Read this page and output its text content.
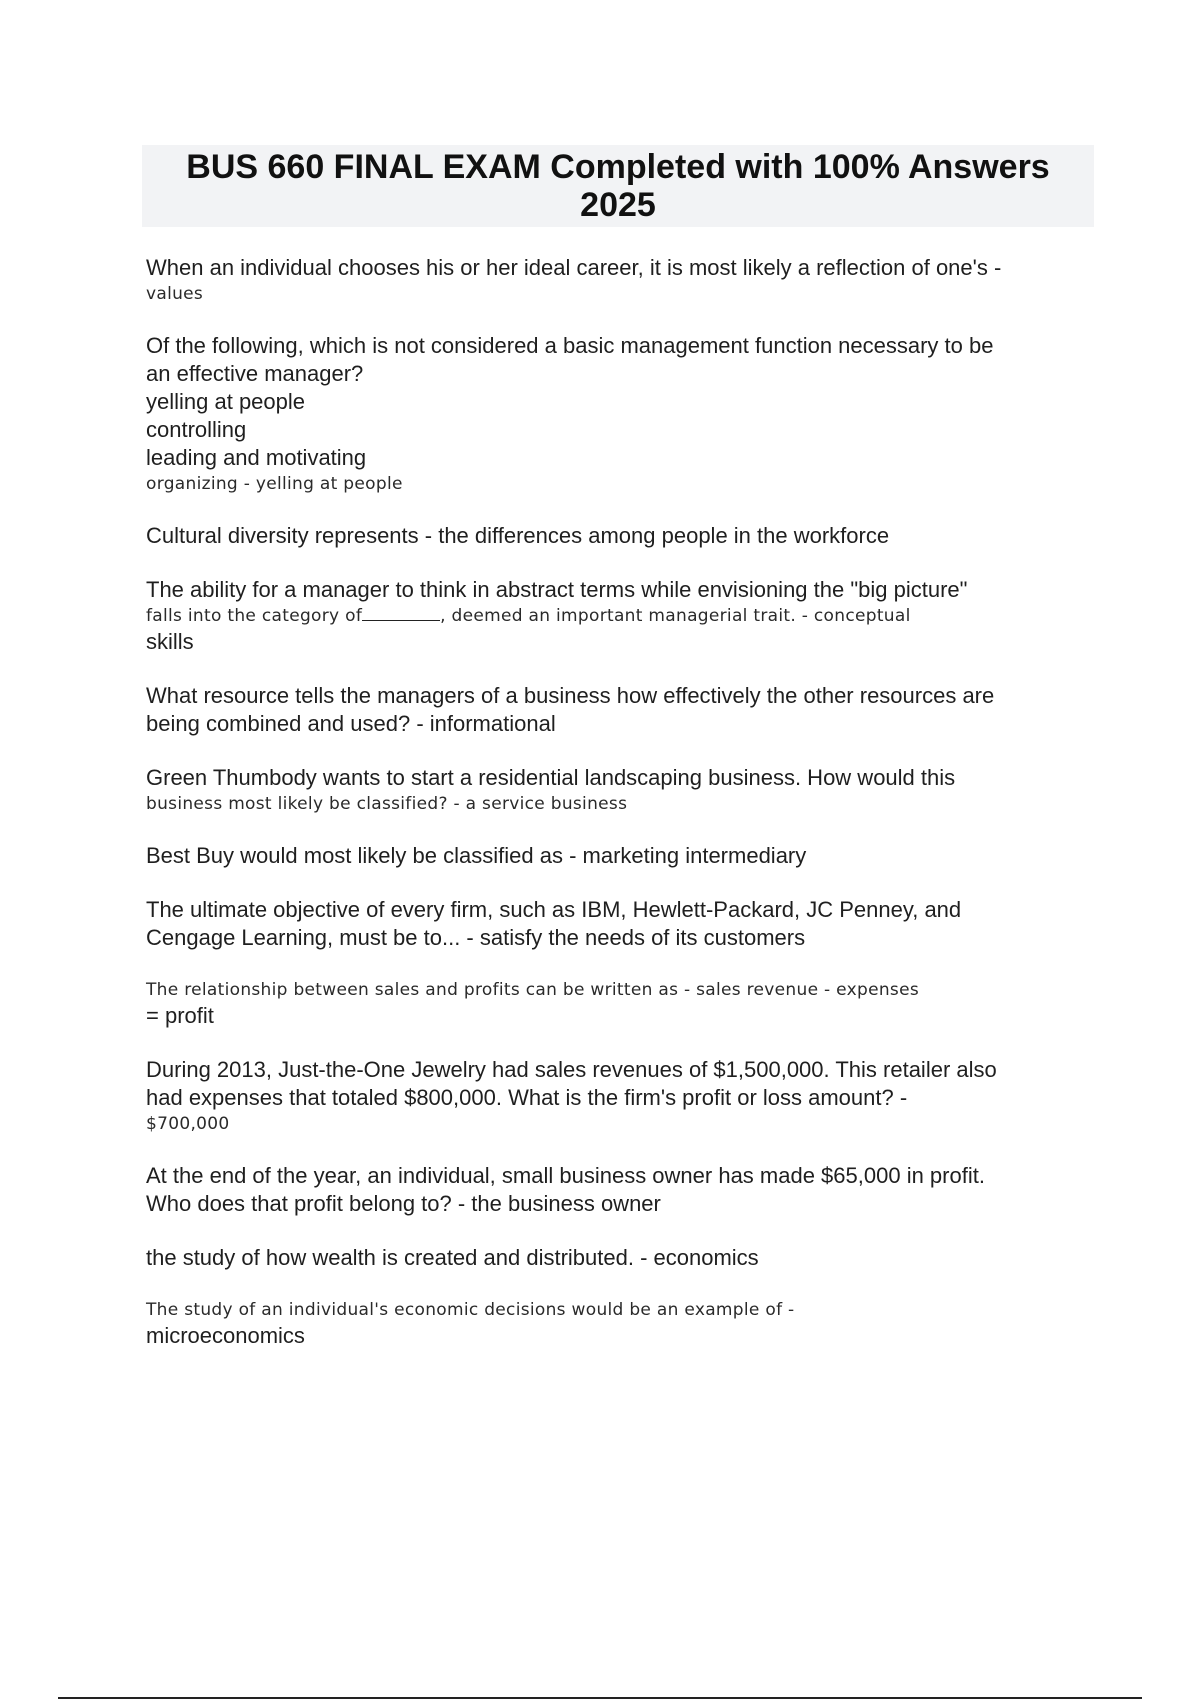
BUS 660 FINAL EXAM Completed with 100% Answers
2025
When an individual chooses his or her ideal career, it is most likely a reflection of one's -
values
Of the following, which is not considered a basic management function necessary to be
an effective manager?
yelling at people
controlling
leading and motivating
organizing - yelling at people
Cultural diversity represents - the differences among people in the workforce
The ability for a manager to think in abstract terms while envisioning the "big picture"
falls into the category of	, deemed an important managerial trait. - conceptual
skills
What resource tells the managers of a business how effectively the other resources are
being combined and used? - informational
Green Thumbody wants to start a residential landscaping business. How would this
business most likely be classified? - a service business
Best Buy would most likely be classified as - marketing intermediary
The ultimate objective of every firm, such as IBM, Hewlett-Packard, JC Penney, and
Cengage Learning, must be to... - satisfy the needs of its customers
The relationship between sales and profits can be written as - sales revenue - expenses
= profit
During 2013, Just-the-One Jewelry had sales revenues of $1,500,000. This retailer also
had expenses that totaled $800,000. What is the firm's profit or loss amount? -
$700,000
At the end of the year, an individual, small business owner has made $65,000 in profit.
Who does that profit belong to? - the business owner
the study of how wealth is created and distributed. - economics
The study of an individual's economic decisions would be an example of -
microeconomics
